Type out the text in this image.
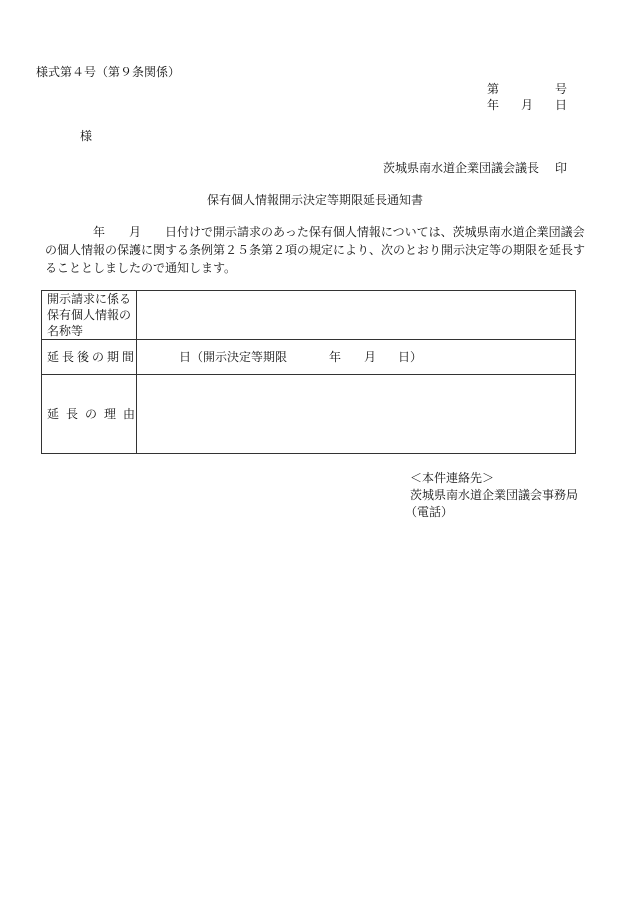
様式第４号（第９条関係）
第	号
年 月 日
様
茨城県南水道企業団議会議長 印
保有個人情報開示決定等期限延長通知書
　　　　年　　月　　日付けで開示請求のあった保有個人情報については、茨城県南水道企業団議会の個人情報の保護に関する条例第２５条第２項の規定により、次のとおり開示決定等の期限を延長することとしましたので通知します。
開示請求に係る保有個人情報の名称等	
延長後の期間	日（開示決定等期限 年 月 日）

延長の理由	
＜本件連絡先＞
茨城県南水道企業団議会事務局
（電話）
